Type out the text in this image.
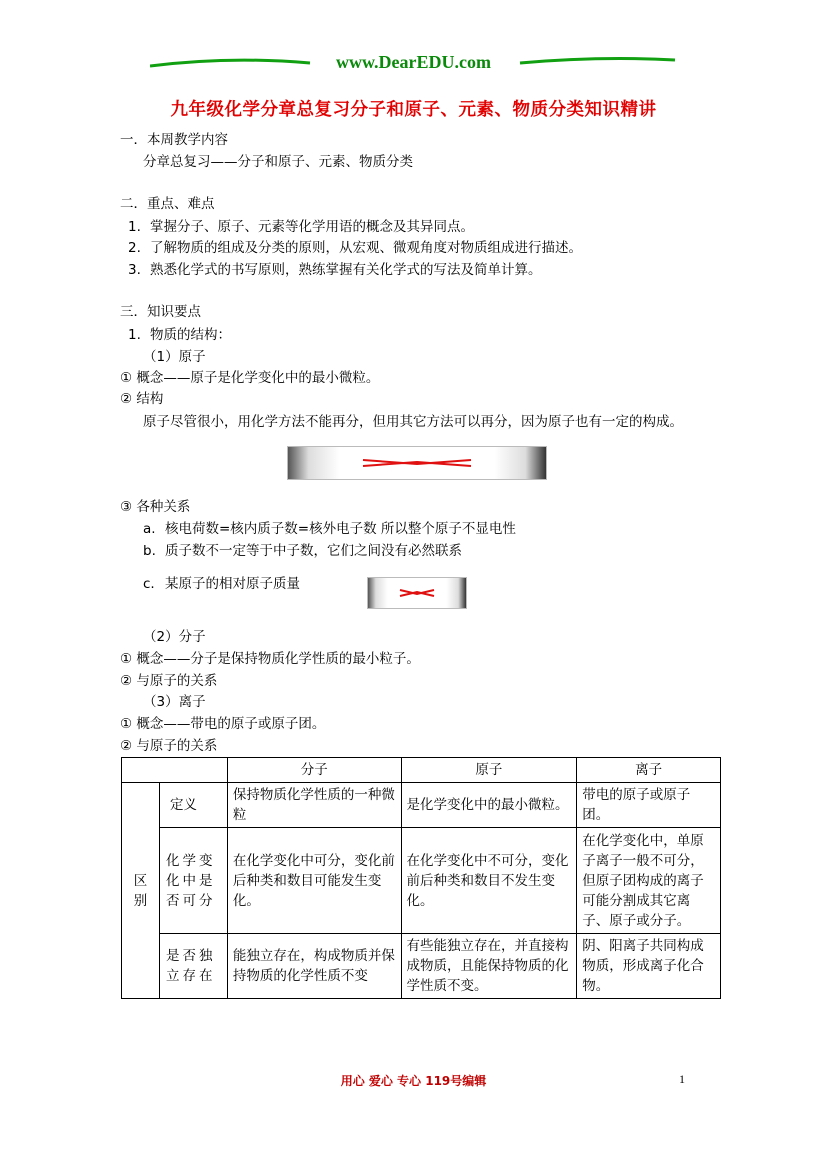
www.DearEDU.com
九年级化学分章总复习分子和原子、元素、物质分类知识精讲
一．本周教学内容
分章总复习——分子和原子、元素、物质分类
二．重点、难点
1. 掌握分子、原子、元素等化学用语的概念及其异同点。
2. 了解物质的组成及分类的原则，从宏观、微观角度对物质组成进行描述。
3. 熟悉化学式的书写原则，熟练掌握有关化学式的写法及简单计算。
三．知识要点
1. 物质的结构：
（1）原子
① 概念——原子是化学变化中的最小微粒。
② 结构
原子尽管很小，用化学方法不能再分，但用其它方法可以再分，因为原子也有一定的构成。
③ 各种关系
a. 核电荷数=核内质子数=核外电子数 所以整个原子不显电性
b. 质子数不一定等于中子数，它们之间没有必然联系
c. 某原子的相对原子质量
（2）分子
① 概念——分子是保持物质化学性质的最小粒子。
② 与原子的关系
（3）离子
① 概念——带电的原子或原子团。
② 与原子的关系
		分子	原子	离子
区别	定义	保持物质化学性质的一种微粒	是化学变化中的最小微粒。	带电的原子或原子团。
	化学变化中是否可分	在化学变化中可分，变化前后种类和数目可能发生变化。	在化学变化中不可分，变化前后种类和数目不发生变化。	在化学变化中，单原子离子一般不可分，但原子团构成的离子可能分割成其它离子、原子或分子。
	是否独立存在	能独立存在，构成物质并保持物质的化学性质不变	有些能独立存在，并直接构成物质，且能保持物质的化学性质不变。	阴、阳离子共同构成物质，形成离子化合物。
用心 爱心 专心 119号编辑	1
